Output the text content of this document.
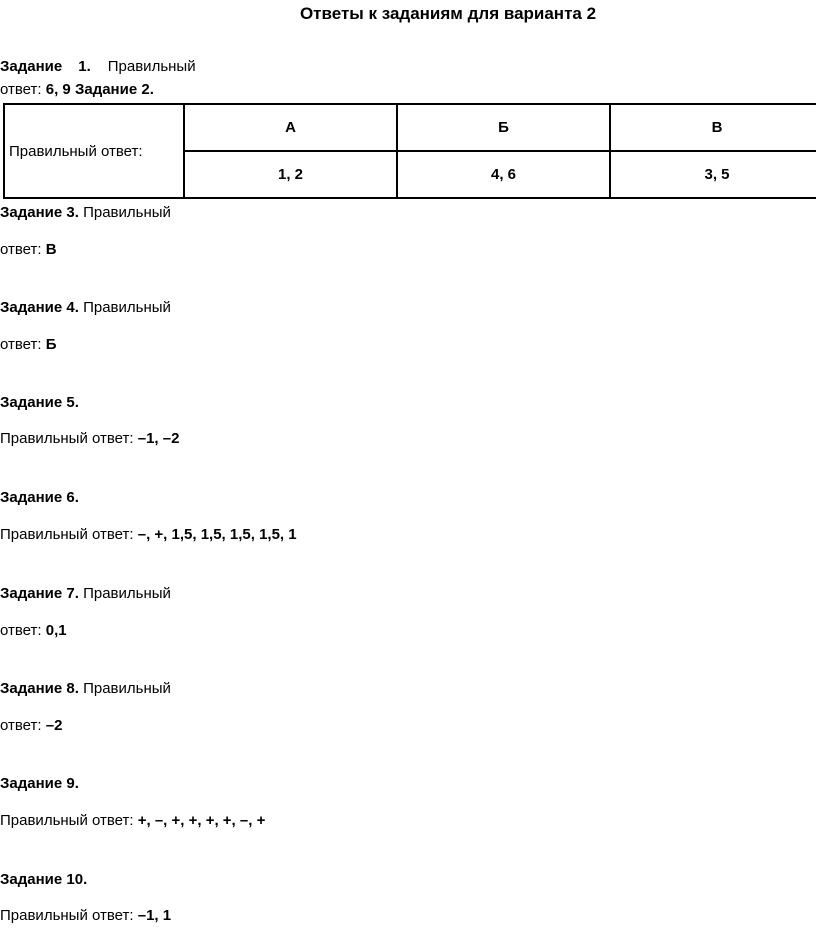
Ответы к заданиям для варианта 2
Задание 1. Правильный
ответ: 6, 9 Задание 2.
Правильный ответ:	А	Б	В
	1, 2	4, 6	3, 5
Задание 3. Правильный
ответ: В
Задание 4. Правильный
ответ: Б
Задание 5.
Правильный ответ: –1, –2
Задание 6.
Правильный ответ: –, +, 1,5, 1,5, 1,5, 1,5, 1
Задание 7. Правильный
ответ: 0,1
Задание 8. Правильный
ответ: –2
Задание 9.
Правильный ответ: +, –, +, +, +, +, –, +
Задание 10.
Правильный ответ: –1, 1
